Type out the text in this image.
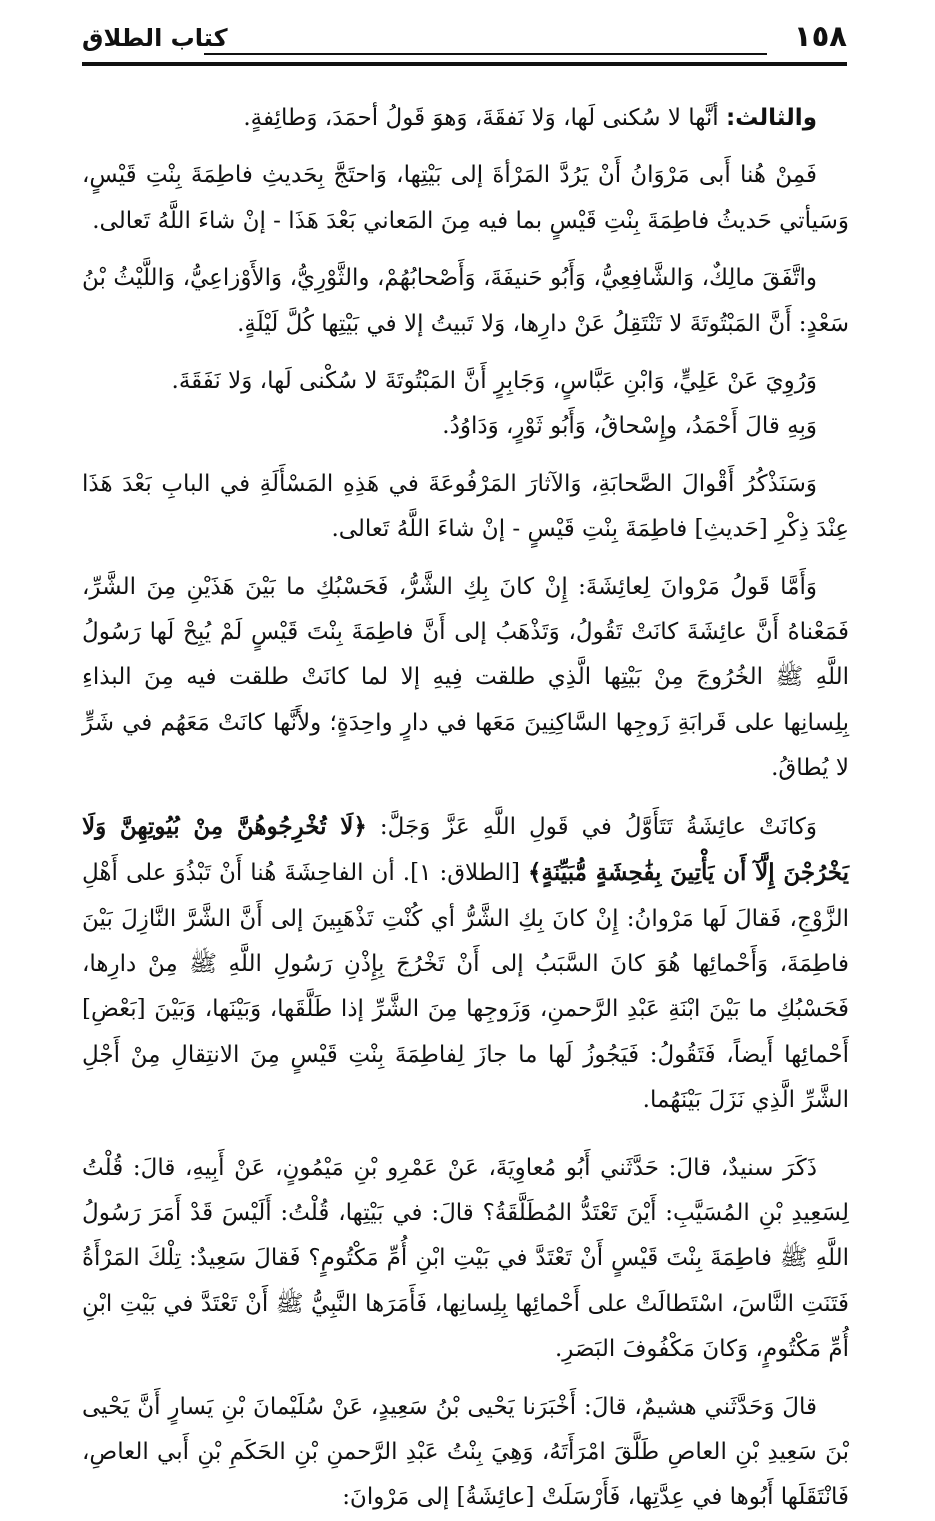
١٥٨
كتاب الطلاق

والثالث: أنَّها لا سُكنى لَها، وَلا نَفقَةَ، وَهوَ قَولُ أحمَدَ، وَطائِفةٍ.

فَمِنْ هُنا أَبى مَرْوَانُ أَنْ يَرُدَّ المَرْأةَ إلى بَيْتِها، وَاحتَجَّ بِحَديثِ فاطِمَةَ بِنْتِ قَيْسٍ، وَسَيأتي حَديثُ فاطِمَةَ بِنْتِ قَيْسٍ بما فيه مِنَ المَعاني بَعْدَ هَذَا - إنْ شاءَ اللَّهُ تَعالى.

واتَّفَقَ مالِكٌ، وَالشَّافِعِيُّ، وَأَبُو حَنيفَةَ، وَأَصْحابُهُمْ، والثَّوْرِيُّ، وَالأَوْزاعِيُّ، وَاللَّيْثُ بْنُ سَعْدٍ: أَنَّ المَبْتُوتَةَ لا تَنْتَقِلُ عَنْ دارِها، وَلا تَبيتُ إلا في بَيْتِها كُلَّ لَيْلَةٍ.

وَرُوِيَ عَنْ عَلِيٍّ، وَابْنِ عَبَّاسٍ، وَجَابِرٍ أَنَّ المَبْتُوتَةَ لا سُكْنى لَها، وَلا نَفَقَةَ.

وَبِهِ قالَ أَحْمَدُ، وإِسْحاقُ، وَأَبُو ثَوْرٍ، وَدَاوُدُ.

وَسَنَذْكُرُ أَقْوالَ الصَّحابَةِ، وَالآثارَ المَرْفُوعَةَ في هَذِهِ المَسْأَلَةِ في البابِ بَعْدَ هَذَا عِنْدَ ذِكْرِ [حَديثِ] فاطِمَةَ بِنْتِ قَيْسٍ - إنْ شاءَ اللَّهُ تَعالى.

وَأَمَّا قَولُ مَرْوانَ لِعائِشَةَ: إِنْ كانَ بِكِ الشَّرُّ، فَحَسْبُكِ ما بَيْنَ هَذَيْنِ مِنَ الشَّرِّ، فَمَعْناهُ أَنَّ عائِشَةَ كانَتْ تَقُولُ، وَتَذْهَبُ إلى أَنَّ فاطِمَةَ بِنْتَ قَيْسٍ لَمْ يُبِحْ لَها رَسُولُ اللَّهِ ﷺ الخُرُوجَ مِنْ بَيْتِها الَّذِي طلقت فِيهِ إلا لما كانَتْ طلقت فيه مِنَ البذاءِ بِلِسانِها على قَرابَةِ زَوجِها السَّاكِنِينَ مَعَها في دارٍ واحِدَةٍ؛ ولأَنَّها كانَتْ مَعَهُم في شَرٍّ لا يُطاقُ.

وَكانَتْ عائِشَةُ تَتَأَوَّلُ في قَولِ اللَّهِ عَزَّ وَجَلَّ: ﴿لَا تُخْرِجُوهُنَّ مِنْ بُيُوتِهِنَّ وَلَا يَخْرُجْنَ إِلَّآ أَن يَأْتِينَ بِفَٰحِشَةٍ مُّبَيِّنَةٍ﴾ [الطلاق: ١]. أن الفاحِشَةَ هُنا أَنْ تَبْذُوَ على أَهْلِ الزَّوْجِ، فَقالَ لَها مَرْوانُ: إِنْ كانَ بِكِ الشَّرُّ أي كُنْتِ تَذْهَبِينَ إلى أَنَّ الشَّرَّ النَّازِلَ بَيْنَ فاطِمَةَ، وَأَحْمائِها هُوَ كانَ السَّبَبُ إلى أَنْ تَخْرُجَ بِإِذْنِ رَسُولِ اللَّهِ ﷺ مِنْ دارِها، فَحَسْبُكِ ما بَيْنَ ابْنَةِ عَبْدِ الرَّحمنِ، وَزَوجِها مِنَ الشَّرِّ إذا طَلَّقَها، وَبَيْنَها، وَبَيْنَ [بَعْضِ] أَحْمائِها أَيضاً، فَتَقُولُ: فَيَجُوزُ لَها ما جازَ لِفاطِمَةَ بِنْتِ قَيْسٍ مِنَ الانتِقالِ مِنْ أَجْلِ الشَّرِّ الَّذِي نَزَلَ بَيْنَهُما.

ذَكَرَ سنيدٌ، قالَ: حَدَّثَني أَبُو مُعاوِيَةَ، عَنْ عَمْرِو بْنِ مَيْمُونٍ، عَنْ أَبِيهِ، قالَ: قُلْتُ لِسَعِيدِ بْنِ المُسَيَّبِ: أَيْنَ تَعْتَدُّ المُطَلَّقَةُ؟ قالَ: في بَيْتِها، قُلْتُ: أَلَيْسَ قَدْ أَمَرَ رَسُولُ اللَّهِ ﷺ فاطِمَةَ بِنْتَ قَيْسٍ أَنْ تَعْتَدَّ في بَيْتِ ابْنِ أُمِّ مَكْتُومٍ؟ فَقالَ سَعِيدٌ: تِلْكَ المَرْأَةُ فَتَنَتِ النَّاسَ، اسْتَطالَتْ على أَحْمائِها بِلِسانِها، فَأَمَرَها النَّبِيُّ ﷺ أَنْ تَعْتَدَّ في بَيْتِ ابْنِ أُمِّ مَكْتُومٍ، وَكانَ مَكْفُوفَ البَصَرِ.

قالَ وَحَدَّثَني هشيمٌ، قالَ: أَخْبَرَنا يَحْيى بْنُ سَعِيدٍ، عَنْ سُلَيْمانَ بْنِ يَسارٍ أَنَّ يَحْيى بْنَ سَعِيدِ بْنِ العاصِ طَلَّقَ امْرَأَتَهُ، وَهِيَ بِنْتُ عَبْدِ الرَّحمنِ بْنِ الحَكَمِ بْنِ أَبي العاصِ، فَانْتَقَلَها أَبُوها في عِدَّتِها، فَأَرْسَلَتْ [عائِشَةُ] إلى مَرْوانَ:
